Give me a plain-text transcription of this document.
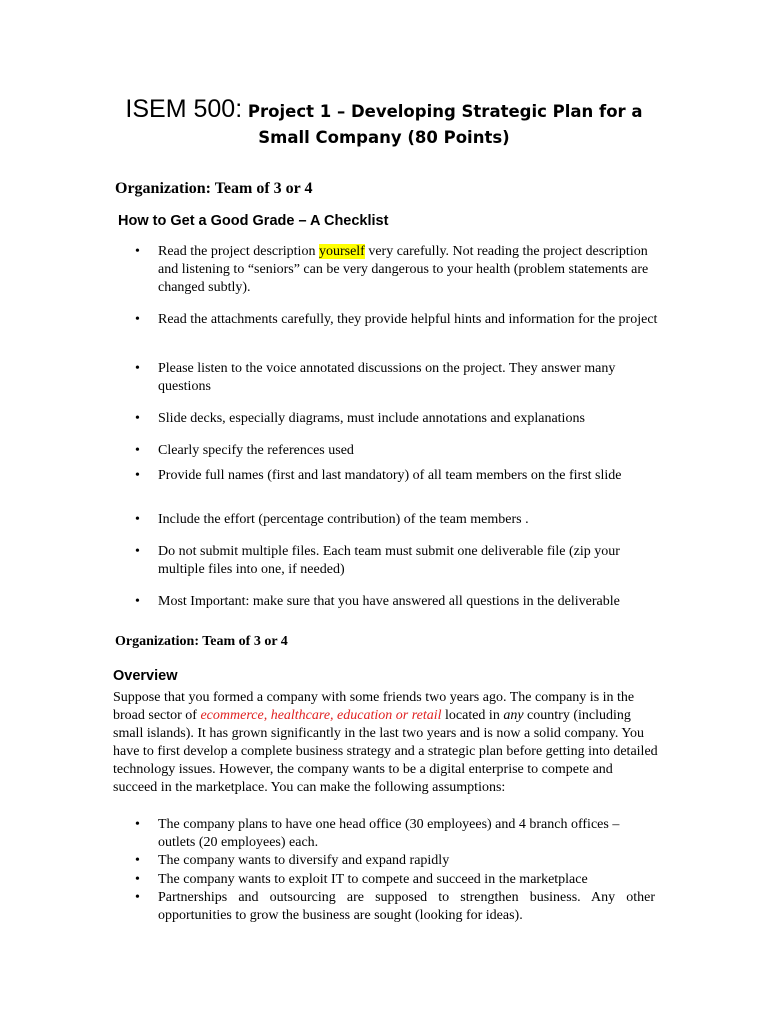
ISEM 500: Project 1 – Developing Strategic Plan for a
Small Company (80 Points)
Organization: Team of 3 or 4
How to Get a Good Grade – A Checklist
• Read the project description yourself very carefully. Not reading the project description and listening to “seniors” can be very dangerous to your health (problem statements are changed subtly).
• Read the attachments carefully, they provide helpful hints and information for the project
• Please listen to the voice annotated discussions on the project. They answer many questions
• Slide decks, especially diagrams, must include annotations and explanations
• Clearly specify the references used
• Provide full names (first and last mandatory) of all team members on the first slide
• Include the effort (percentage contribution) of the team members .
• Do not submit multiple files. Each team must submit one deliverable file (zip your multiple files into one, if needed)
• Most Important: make sure that you have answered all questions in the deliverable
Organization: Team of 3 or 4
Overview

Suppose that you formed a company with some friends two years ago. The company is in the broad sector of ecommerce, healthcare, education or retail located in any country (including small islands). It has grown significantly in the last two years and is now a solid company. You have to first develop a complete business strategy and a strategic plan before getting into detailed technology issues. However, the company wants to be a digital enterprise to compete and succeed in the marketplace. You can make the following assumptions:

• The company plans to have one head office (30 employees) and 4 branch offices – outlets (20 employees) each.
• The company wants to diversify and expand rapidly
• The company wants to exploit IT to compete and succeed in the marketplace
• Partnerships and outsourcing are supposed to strengthen business. Any other opportunities to grow the business are sought (looking for ideas).
